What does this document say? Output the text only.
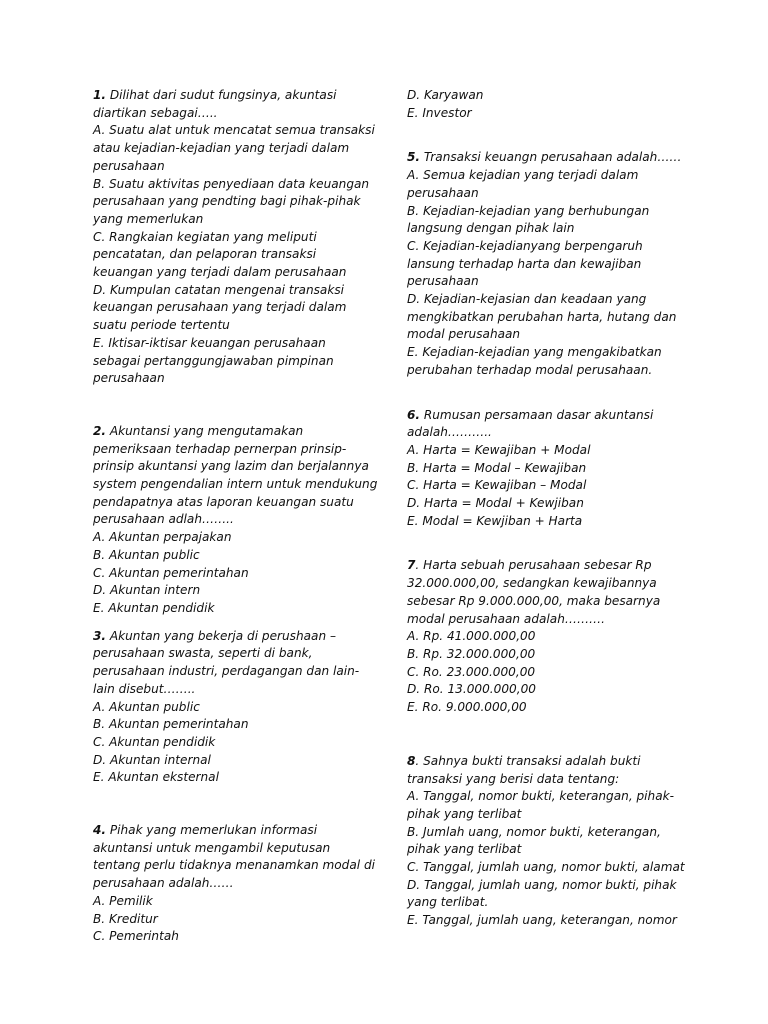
1. Dilihat dari sudut fungsinya, akuntasi
diartikan sebagai…..
A. Suatu alat untuk mencatat semua transaksi
atau kejadian-kejadian yang terjadi dalam
perusahaan
B. Suatu aktivitas penyediaan data keuangan
perusahaan yang pendting bagi pihak-pihak
yang memerlukan
C. Rangkaian kegiatan yang meliputi
pencatatan, dan pelaporan transaksi
keuangan yang terjadi dalam perusahaan
D. Kumpulan catatan mengenai transaksi
keuangan perusahaan yang terjadi dalam
suatu periode tertentu
E. Iktisar-iktisar keuangan perusahaan
sebagai pertanggungjawaban pimpinan
perusahaan
2. Akuntansi yang mengutamakan
pemeriksaan terhadap pernerpan prinsip-
prinsip akuntansi yang lazim dan berjalannya
system pengendalian intern untuk mendukung
pendapatnya atas laporan keuangan suatu
perusahaan adlah……..
A. Akuntan perpajakan
B. Akuntan public
C. Akuntan pemerintahan
D. Akuntan intern
E. Akuntan pendidik
3. Akuntan yang bekerja di perushaan –
perusahaan swasta, seperti di bank,
perusahaan industri, perdagangan dan lain-
lain disebut……..
A. Akuntan public
B. Akuntan pemerintahan
C. Akuntan pendidik
D. Akuntan internal
E. Akuntan eksternal
4. Pihak yang memerlukan informasi
akuntansi untuk mengambil keputusan
tentang perlu tidaknya menanamkan modal di
perusahaan adalah……
A. Pemilik
B. Kreditur
C. Pemerintah
D. Karyawan
E. Investor
5. Transaksi keuangn perusahaan adalah……
A. Semua kejadian yang terjadi dalam
perusahaan
B. Kejadian-kejadian yang berhubungan
langsung dengan pihak lain
C. Kejadian-kejadianyang berpengaruh
lansung terhadap harta dan kewajiban
perusahaan
D. Kejadian-kejasian dan keadaan yang
mengkibatkan perubahan harta, hutang dan
modal perusahaan
E. Kejadian-kejadian yang mengakibatkan
perubahan terhadap modal perusahaan.
6. Rumusan persamaan dasar akuntansi
adalah………..
A. Harta = Kewajiban + Modal
B. Harta = Modal – Kewajiban
C. Harta = Kewajiban – Modal
D. Harta = Modal + Kewjiban
E. Modal = Kewjiban + Harta
7. Harta sebuah perusahaan sebesar Rp
32.000.000,00, sedangkan kewajibannya
sebesar Rp 9.000.000,00, maka besarnya
modal perusahaan adalah……….
A. Rp. 41.000.000,00
B. Rp. 32.000.000,00
C. Ro. 23.000.000,00
D. Ro. 13.000.000,00
E. Ro. 9.000.000,00
8. Sahnya bukti transaksi adalah bukti
transaksi yang berisi data tentang:
A. Tanggal, nomor bukti, keterangan, pihak-
pihak yang terlibat
B. Jumlah uang, nomor bukti, keterangan,
pihak yang terlibat
C. Tanggal, jumlah uang, nomor bukti, alamat
D. Tanggal, jumlah uang, nomor bukti, pihak
yang terlibat.
E. Tanggal, jumlah uang, keterangan, nomor
